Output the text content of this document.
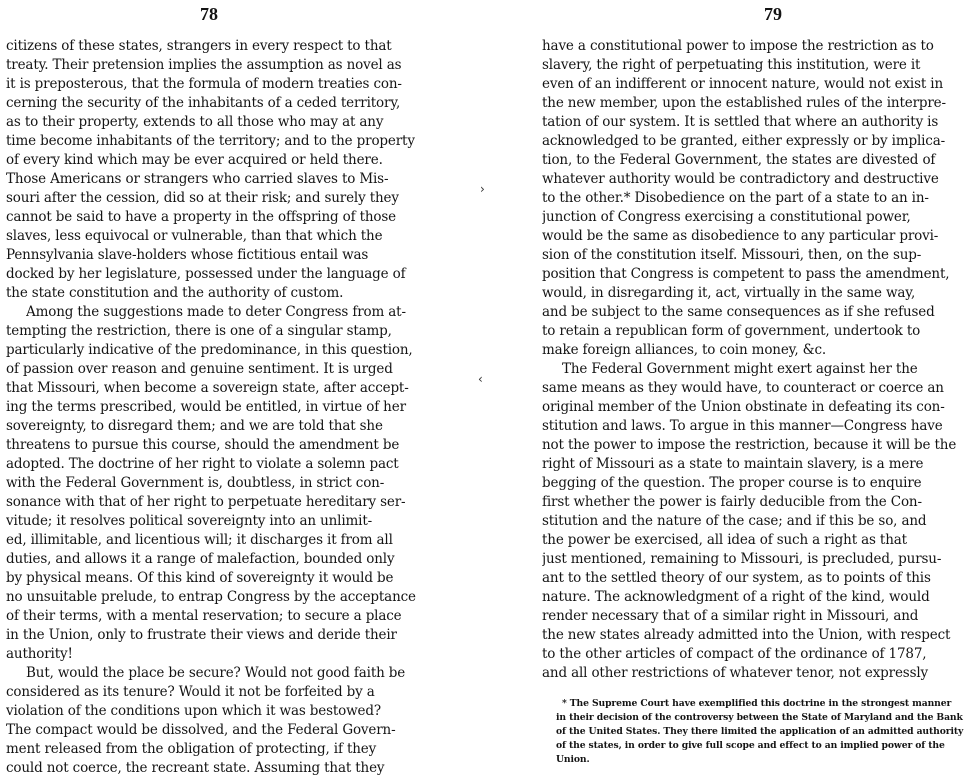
78
citizens of these states, strangers in every respect to that
treaty. Their pretension implies the assumption as novel as
it is preposterous, that the formula of modern treaties con-
cerning the security of the inhabitants of a ceded territory,
as to their property, extends to all those who may at any
time become inhabitants of the territory; and to the property
of every kind which may be ever acquired or held there.
Those Americans or strangers who carried slaves to Mis-
souri after the cession, did so at their risk; and surely they
cannot be said to have a property in the offspring of those
slaves, less equivocal or vulnerable, than that which the
Pennsylvania slave-holders whose fictitious entail was
docked by her legislature, possessed under the language of
the state constitution and the authority of custom.
Among the suggestions made to deter Congress from at-
tempting the restriction, there is one of a singular stamp,
particularly indicative of the predominance, in this question,
of passion over reason and genuine sentiment. It is urged
that Missouri, when become a sovereign state, after accept-
ing the terms prescribed, would be entitled, in virtue of her
sovereignty, to disregard them; and we are told that she
threatens to pursue this course, should the amendment be
adopted. The doctrine of her right to violate a solemn pact
with the Federal Government is, doubtless, in strict con-
sonance with that of her right to perpetuate hereditary ser-
vitude; it resolves political sovereignty into an unlimit-
ed, illimitable, and licentious will; it discharges it from all
duties, and allows it a range of malefaction, bounded only
by physical means. Of this kind of sovereignty it would be
no unsuitable prelude, to entrap Congress by the acceptance
of their terms, with a mental reservation; to secure a place
in the Union, only to frustrate their views and deride their
authority!
But, would the place be secure? Would not good faith be
considered as its tenure? Would it not be forfeited by a
violation of the conditions upon which it was bestowed?
The compact would be dissolved, and the Federal Govern-
ment released from the obligation of protecting, if they
could not coerce, the recreant state. Assuming that they
›
‹
79
have a constitutional power to impose the restriction as to
slavery, the right of perpetuating this institution, were it
even of an indifferent or innocent nature, would not exist in
the new member, upon the established rules of the interpre-
tation of our system. It is settled that where an authority is
acknowledged to be granted, either expressly or by implica-
tion, to the Federal Government, the states are divested of
whatever authority would be contradictory and destructive
to the other.* Disobedience on the part of a state to an in-
junction of Congress exercising a constitutional power,
would be the same as disobedience to any particular provi-
sion of the constitution itself. Missouri, then, on the sup-
position that Congress is competent to pass the amendment,
would, in disregarding it, act, virtually in the same way,
and be subject to the same consequences as if she refused
to retain a republican form of government, undertook to
make foreign alliances, to coin money, &c.
The Federal Government might exert against her the
same means as they would have, to counteract or coerce an
original member of the Union obstinate in defeating its con-
stitution and laws. To argue in this manner—Congress have
not the power to impose the restriction, because it will be the
right of Missouri as a state to maintain slavery, is a mere
begging of the question. The proper course is to enquire
first whether the power is fairly deducible from the Con-
stitution and the nature of the case; and if this be so, and
the power be exercised, all idea of such a right as that
just mentioned, remaining to Missouri, is precluded, pursu-
ant to the settled theory of our system, as to points of this
nature. The acknowledgment of a right of the kind, would
render necessary that of a similar right in Missouri, and
the new states already admitted into the Union, with respect
to the other articles of compact of the ordinance of 1787,
and all other restrictions of whatever tenor, not expressly
* The Supreme Court have exemplified this doctrine in the strongest manner
in their decision of the controversy between the State of Maryland and the Bank
of the United States. They there limited the application of an admitted authority
of the states, in order to give full scope and effect to an implied power of the
Union.
